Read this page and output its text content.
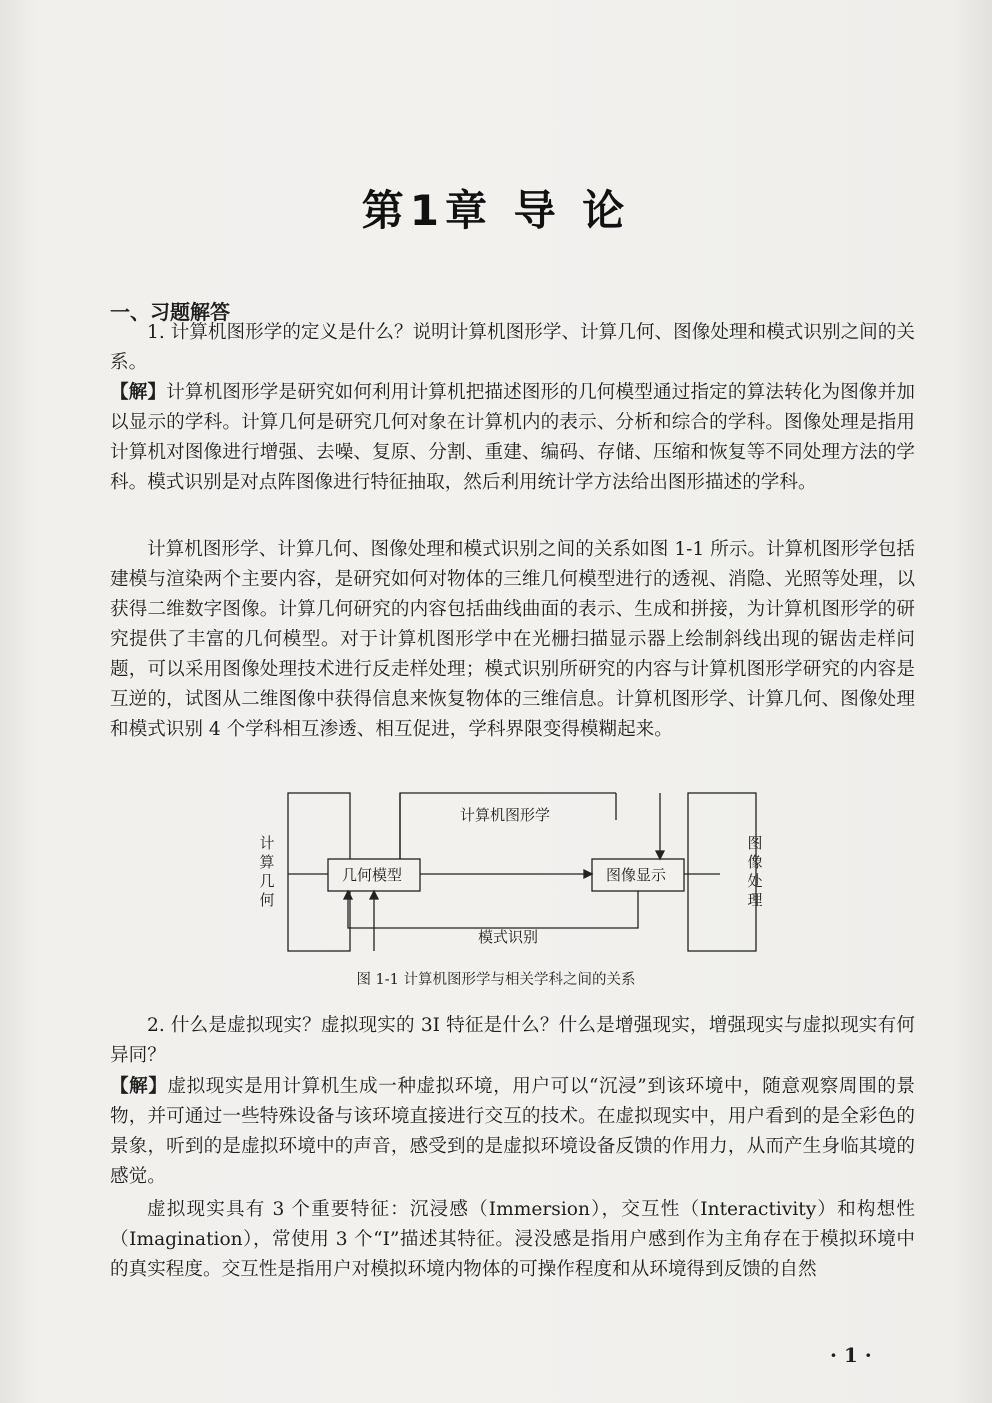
第1章 导 论
一、习题解答

1. 计算机图形学的定义是什么？说明计算机图形学、计算几何、图像处理和模式识别之间的关系。

【解】计算机图形学是研究如何利用计算机把描述图形的几何模型通过指定的算法转化为图像并加以显示的学科。计算几何是研究几何对象在计算机内的表示、分析和综合的学科。图像处理是指用计算机对图像进行增强、去噪、复原、分割、重建、编码、存储、压缩和恢复等不同处理方法的学科。模式识别是对点阵图像进行特征抽取，然后利用统计学方法给出图形描述的学科。

计算机图形学、计算几何、图像处理和模式识别之间的关系如图 1-1 所示。计算机图形学包括建模与渲染两个主要内容，是研究如何对物体的三维几何模型进行的透视、消隐、光照等处理，以获得二维数字图像。计算几何研究的内容包括曲线曲面的表示、生成和拼接，为计算机图形学的研究提供了丰富的几何模型。对于计算机图形学中在光栅扫描显示器上绘制斜线出现的锯齿走样问题，可以采用图像处理技术进行反走样处理；模式识别所研究的内容与计算机图形学研究的内容是互逆的，试图从二维图像中获得信息来恢复物体的三维信息。计算机图形学、计算几何、图像处理和模式识别 4 个学科相互渗透、相互促进，学科界限变得模糊起来。

计算几何
图像处理
计算机图形学
模式识别
几何模型	图像显示
图 1-1 计算机图形学与相关学科之间的关系

2. 什么是虚拟现实？虚拟现实的 3I 特征是什么？什么是增强现实，增强现实与虚拟现实有何异同？

【解】虚拟现实是用计算机生成一种虚拟环境，用户可以“沉浸”到该环境中，随意观察周围的景物，并可通过一些特殊设备与该环境直接进行交互的技术。在虚拟现实中，用户看到的是全彩色的景象，听到的是虚拟环境中的声音，感受到的是虚拟环境设备反馈的作用力，从而产生身临其境的感觉。

虚拟现实具有 3 个重要特征：沉浸感（Immersion），交互性（Interactivity）和构想性（Imagination），常使用 3 个“I”描述其特征。浸没感是指用户感到作为主角存在于模拟环境中的真实程度。交互性是指用户对模拟环境内物体的可操作程度和从环境得到反馈的自然

· 1 ·
